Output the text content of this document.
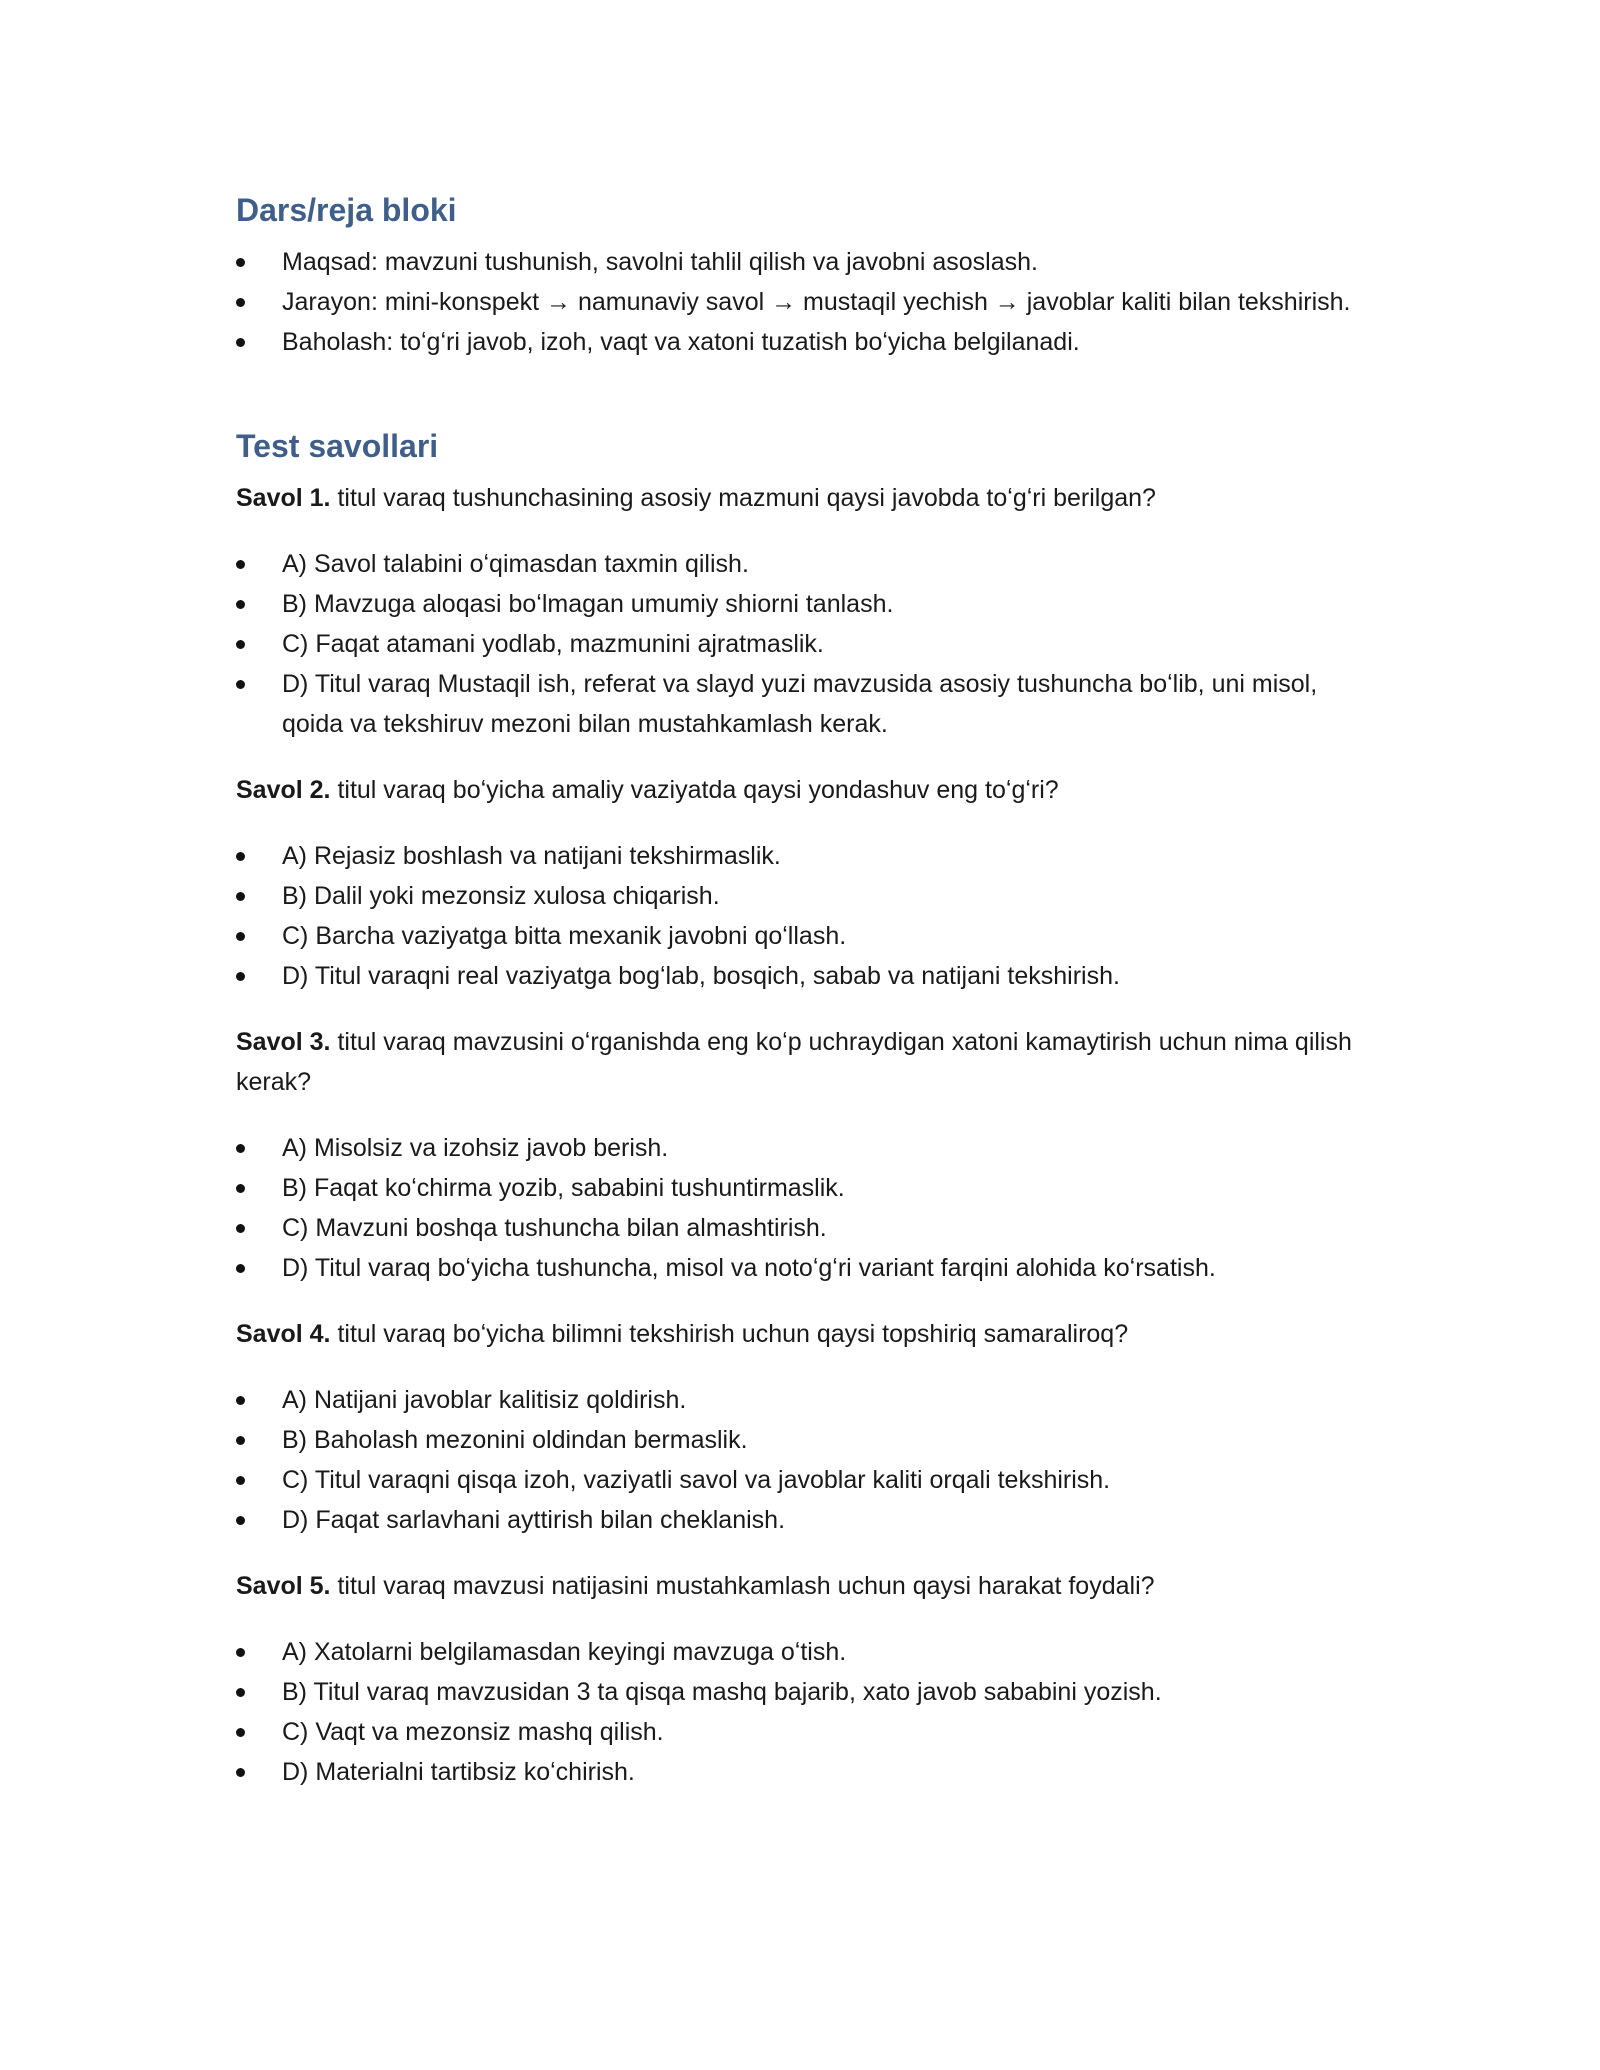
Dars/reja bloki
Maqsad: mavzuni tushunish, savolni tahlil qilish va javobni asoslash.
Jarayon: mini-konspekt → namunaviy savol → mustaqil yechish → javoblar kaliti bilan tekshirish.
Baholash: toʻgʻri javob, izoh, vaqt va xatoni tuzatish boʻyicha belgilanadi.
Test savollari

Savol 1. titul varaq tushunchasining asosiy mazmuni qaysi javobda toʻgʻri berilgan?

A) Savol talabini oʻqimasdan taxmin qilish.
B) Mavzuga aloqasi boʻlmagan umumiy shiorni tanlash.
C) Faqat atamani yodlab, mazmunini ajratmaslik.
D) Titul varaq Mustaqil ish, referat va slayd yuzi mavzusida asosiy tushuncha boʻlib, uni misol, qoida va tekshiruv mezoni bilan mustahkamlash kerak.

Savol 2. titul varaq boʻyicha amaliy vaziyatda qaysi yondashuv eng toʻgʻri?

A) Rejasiz boshlash va natijani tekshirmaslik.
B) Dalil yoki mezonsiz xulosa chiqarish.
C) Barcha vaziyatga bitta mexanik javobni qoʻllash.
D) Titul varaqni real vaziyatga bogʻlab, bosqich, sabab va natijani tekshirish.

Savol 3. titul varaq mavzusini oʻrganishda eng koʻp uchraydigan xatoni kamaytirish uchun nima qilish kerak?

A) Misolsiz va izohsiz javob berish.
B) Faqat koʻchirma yozib, sababini tushuntirmaslik.
C) Mavzuni boshqa tushuncha bilan almashtirish.
D) Titul varaq boʻyicha tushuncha, misol va notoʻgʻri variant farqini alohida koʻrsatish.

Savol 4. titul varaq boʻyicha bilimni tekshirish uchun qaysi topshiriq samaraliroq?

A) Natijani javoblar kalitisiz qoldirish.
B) Baholash mezonini oldindan bermaslik.
C) Titul varaqni qisqa izoh, vaziyatli savol va javoblar kaliti orqali tekshirish.
D) Faqat sarlavhani ayttirish bilan cheklanish.

Savol 5. titul varaq mavzusi natijasini mustahkamlash uchun qaysi harakat foydali?

A) Xatolarni belgilamasdan keyingi mavzuga oʻtish.
B) Titul varaq mavzusidan 3 ta qisqa mashq bajarib, xato javob sababini yozish.
C) Vaqt va mezonsiz mashq qilish.
D) Materialni tartibsiz koʻchirish.
